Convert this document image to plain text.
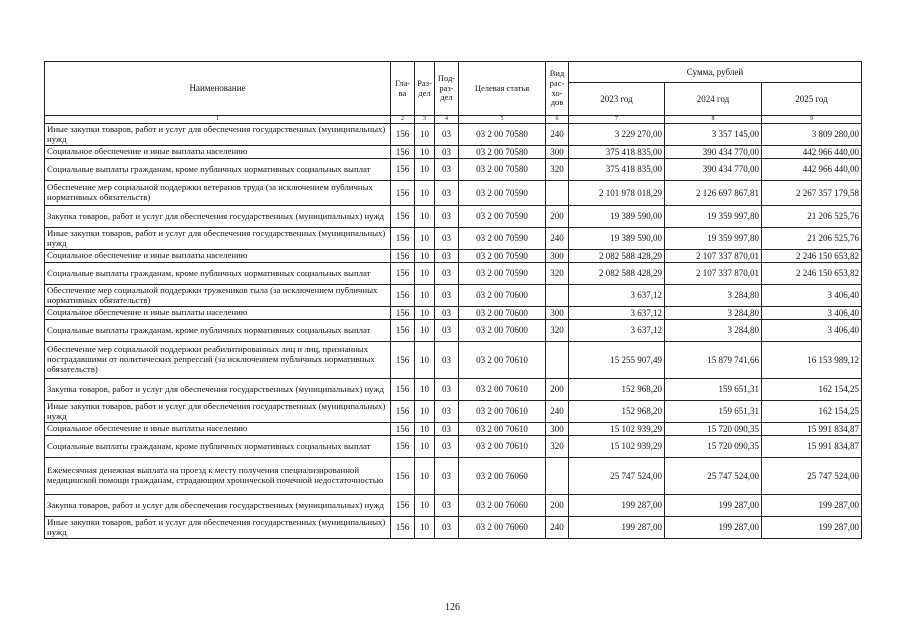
Наименование	Гла-ва	Раз-дел	Под-раз-дел	Целевая статья	Вид рас-хо-дов	Сумма, рублей		
						2023 год	2024 год	2025 год
1	2	3	4	5	6	7	8	9
Иные закупки товаров, работ и услуг для обеспечения государственных (муниципальных) нужд	156	10	03	03 2 00 70580	240	3 229 270,00	3 357 145,00	3 809 280,00
Социальное обеспечение и иные выплаты населению	156	10	03	03 2 00 70580	300	375 418 835,00	390 434 770,00	442 966 440,00
Социальные выплаты гражданам, кроме публичных нормативных социальных выплат	156	10	03	03 2 00 70580	320	375 418 835,00	390 434 770,00	442 966 440,00
Обеспечение мер социальной поддержки ветеранов труда (за исключением публичных нормативных обязательств)	156	10	03	03 2 00 70590		2 101 978 018,29	2 126 697 867,81	2 267 357 179,58
Закупка товаров, работ и услуг для обеспечения государственных (муниципальных) нужд	156	10	03	03 2 00 70590	200	19 389 590,00	19 359 997,80	21 206 525,76
Иные закупки товаров, работ и услуг для обеспечения государственных (муниципальных) нужд	156	10	03	03 2 00 70590	240	19 389 590,00	19 359 997,80	21 206 525,76
Социальное обеспечение и иные выплаты населению	156	10	03	03 2 00 70590	300	2 082 588 428,29	2 107 337 870,01	2 246 150 653,82
Социальные выплаты гражданам, кроме публичных нормативных социальных выплат	156	10	03	03 2 00 70590	320	2 082 588 428,29	2 107 337 870,01	2 246 150 653,82
Обеспечение мер социальной поддержки тружеников тыла (за исключением публичных нормативных обязательств)	156	10	03	03 2 00 70600		3 637,12	3 284,80	3 406,40
Социальное обеспечение и иные выплаты населению	156	10	03	03 2 00 70600	300	3 637,12	3 284,80	3 406,40
Социальные выплаты гражданам, кроме публичных нормативных социальных выплат	156	10	03	03 2 00 70600	320	3 637,12	3 284,80	3 406,40
Обеспечение мер социальной поддержки реабилитированных лиц и лиц, признанных пострадавшими от политических репрессий (за исключением публичных нормативных обязательств)	156	10	03	03 2 00 70610		15 255 907,49	15 879 741,66	16 153 989,12
Закупка товаров, работ и услуг для обеспечения государственных (муниципальных) нужд	156	10	03	03 2 00 70610	200	152 968,20	159 651,31	162 154,25
Иные закупки товаров, работ и услуг для обеспечения государственных (муниципальных) нужд	156	10	03	03 2 00 70610	240	152 968,20	159 651,31	162 154,25
Социальное обеспечение и иные выплаты населению	156	10	03	03 2 00 70610	300	15 102 939,29	15 720 090,35	15 991 834,87
Социальные выплаты гражданам, кроме публичных нормативных социальных выплат	156	10	03	03 2 00 70610	320	15 102 939,29	15 720 090,35	15 991 834,87
Ежемесячная денежная выплата на проезд к месту получения специализированной медицинской помощи гражданам, страдающим хронической почечной недостаточностью	156	10	03	03 2 00 76060		25 747 524,00	25 747 524,00	25 747 524,00
Закупка товаров, работ и услуг для обеспечения государственных (муниципальных) нужд	156	10	03	03 2 00 76060	200	199 287,00	199 287,00	199 287,00
Иные закупки товаров, работ и услуг для обеспечения государственных (муниципальных) нужд	156	10	03	03 2 00 76060	240	199 287,00	199 287,00	199 287,00
126
